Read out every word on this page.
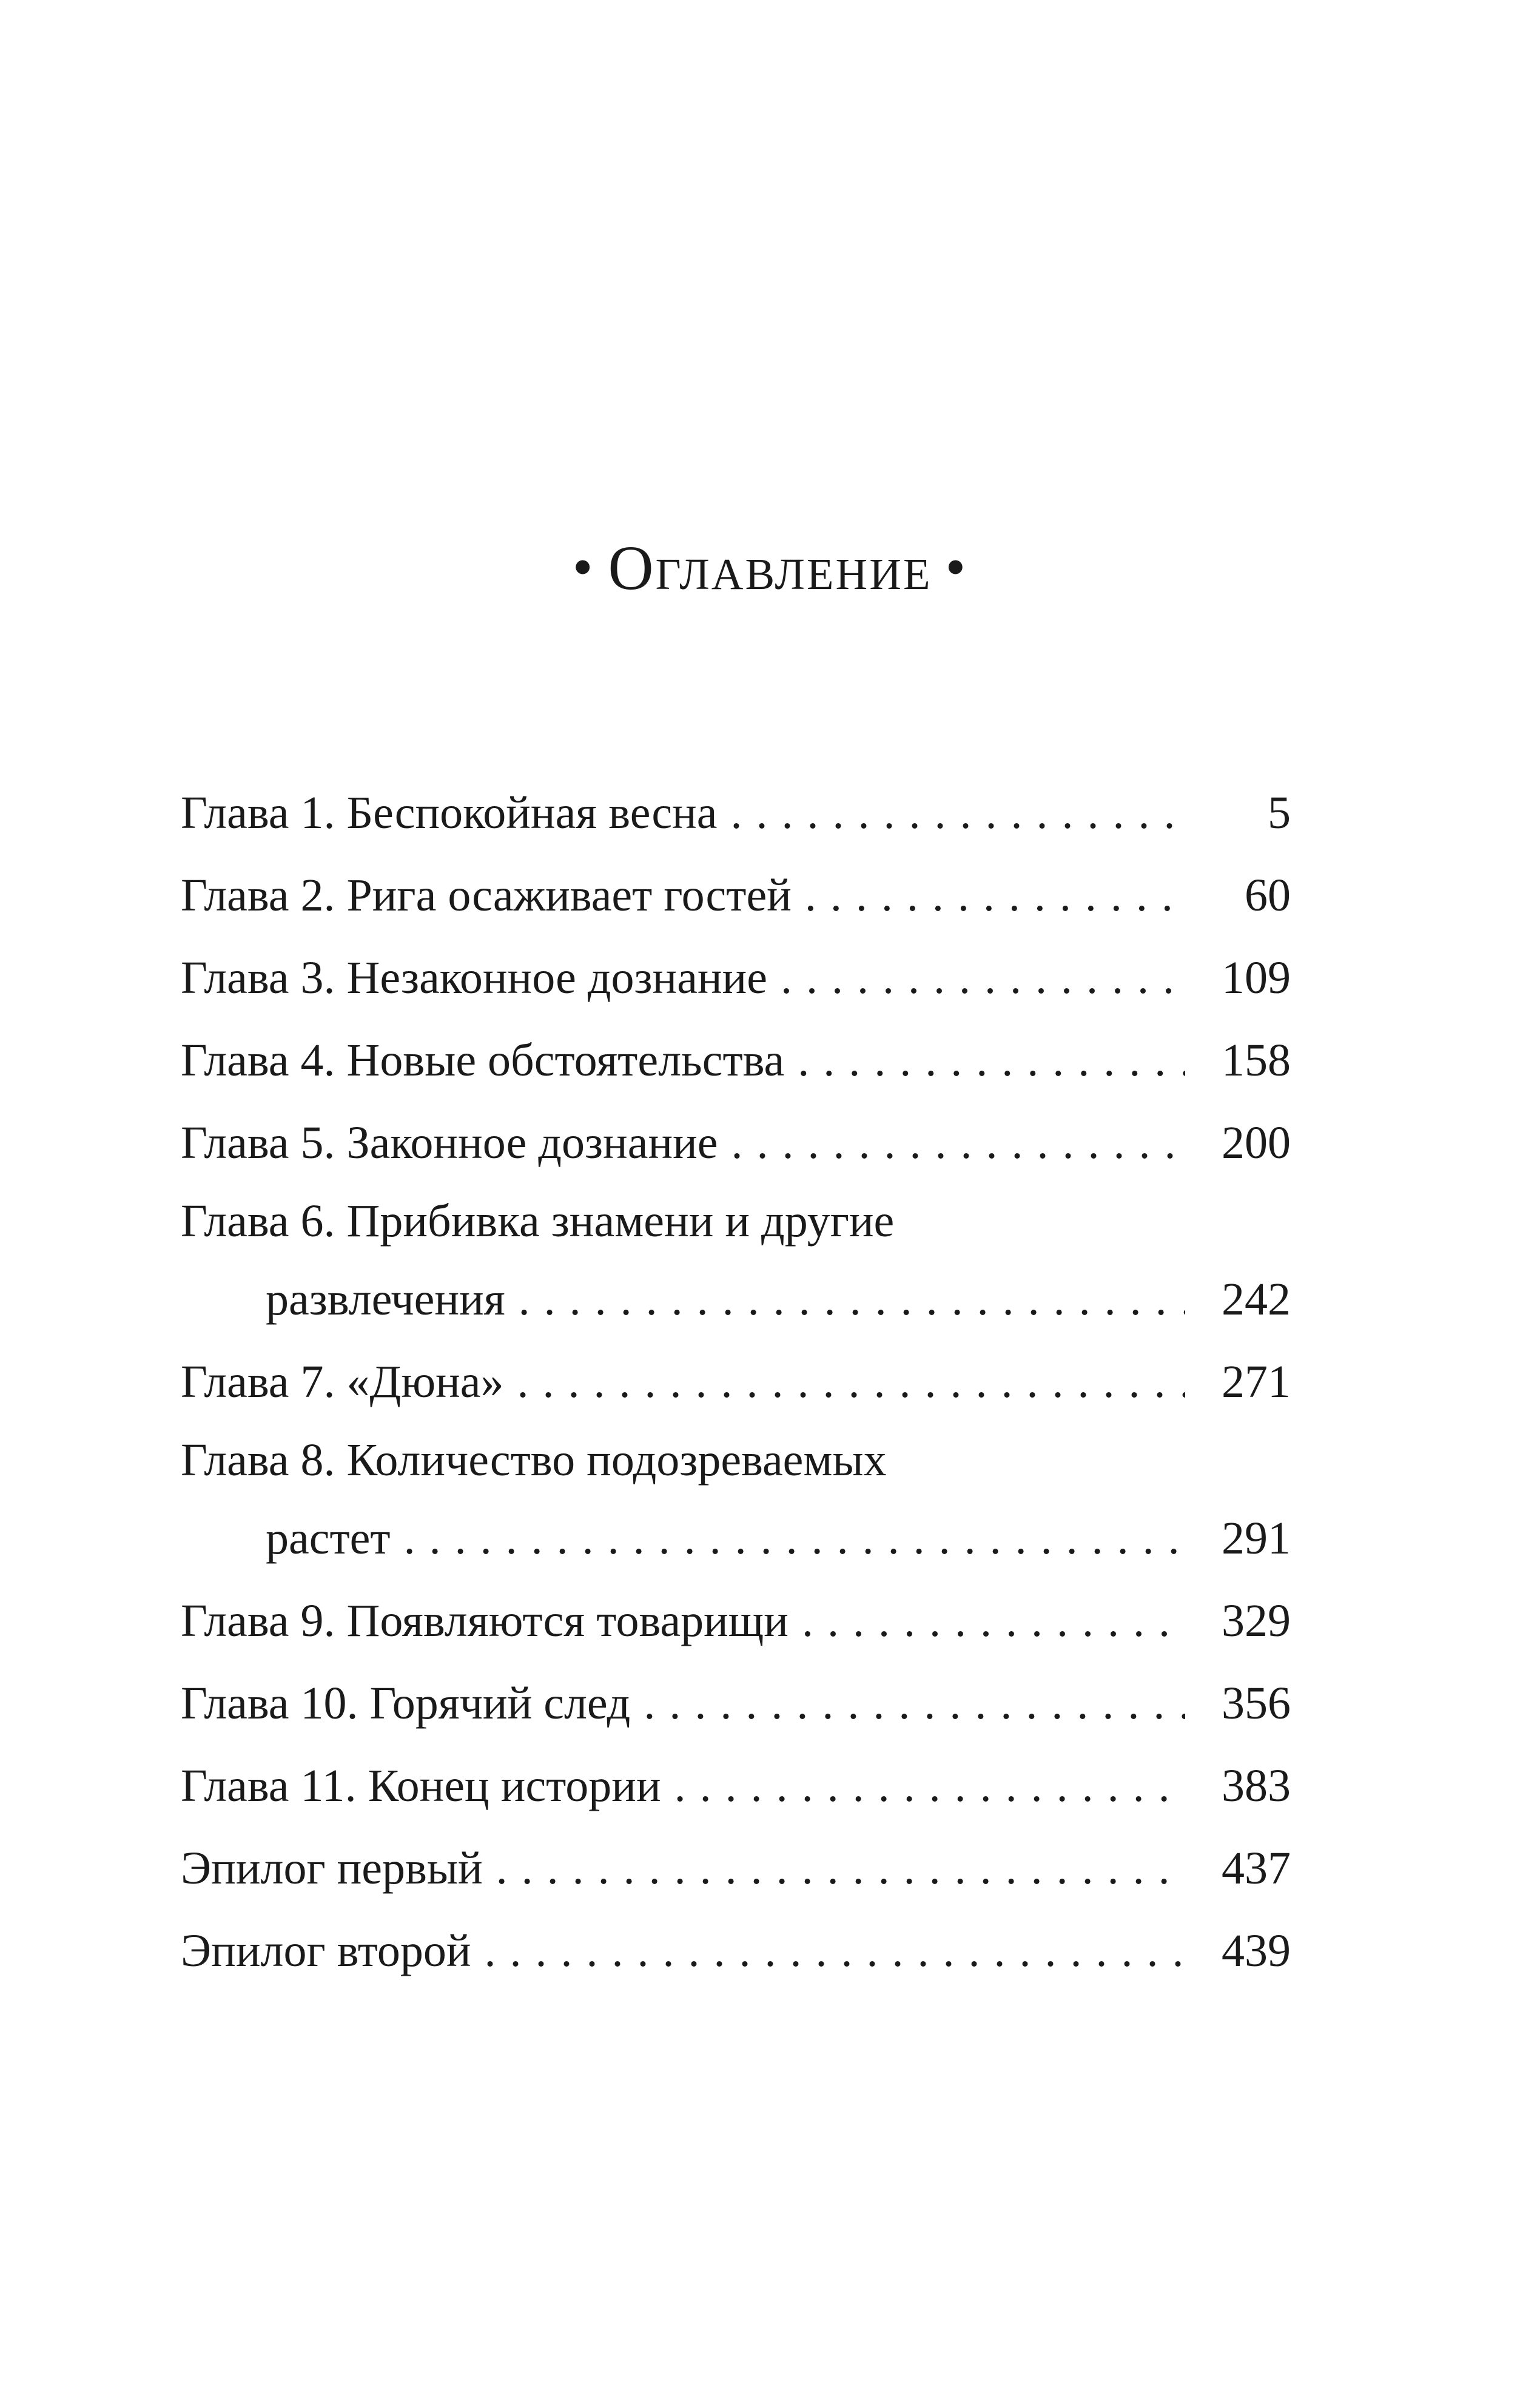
• Оглавление •
Глава 1. Беспокойная весна . . .	5
Глава 2. Рига осаживает гостей . . .	60
Глава 3. Незаконное дознание . . .	109
Глава 4. Новые обстоятельства . . .	158
Глава 5. Законное дознание . . .	200
Глава 6. Прибивка знамени и другие
развлечения . . .	242
Глава 7. «Дюна» . . .	271
Глава 8. Количество подозреваемых
растет . . .	291
Глава 9. Появляются товарищи . . .	329
Глава 10. Горячий след . . .	356
Глава 11. Конец истории . . .	383
Эпилог первый . . .	437
Эпилог второй . . .	439
